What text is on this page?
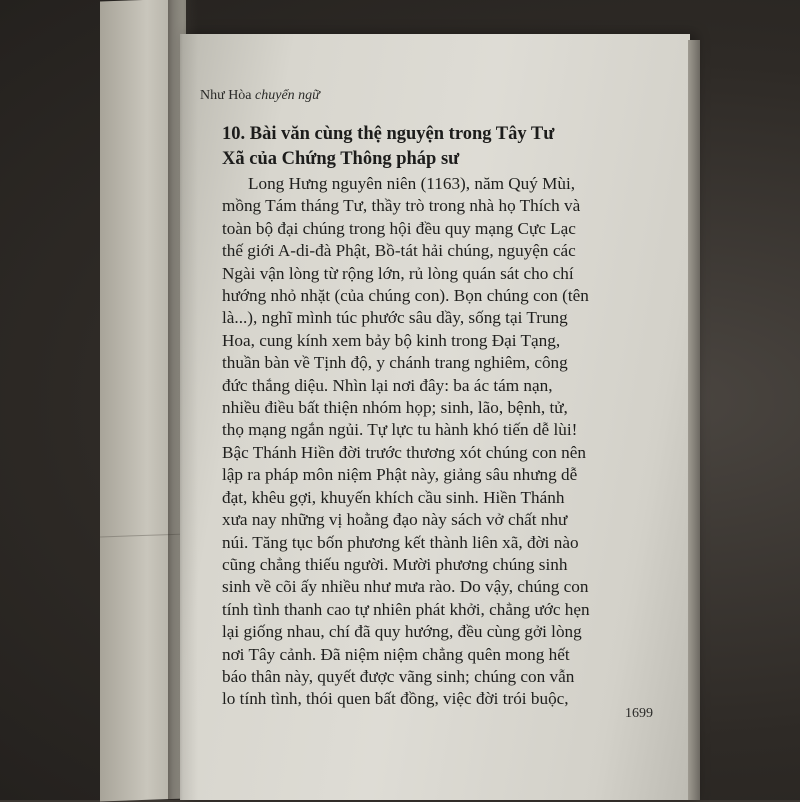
Như Hòa chuyển ngữ
10. Bài văn cùng thệ nguyện trong Tây Tư
Xã của Chứng Thông pháp sư
Long Hưng nguyên niên (1163), năm Quý Mùi,
mồng Tám tháng Tư, thầy trò trong nhà họ Thích và
toàn bộ đại chúng trong hội đều quy mạng Cực Lạc
thế giới A-di-đà Phật, Bồ-tát hải chúng, nguyện các
Ngài vận lòng từ rộng lớn, rủ lòng quán sát cho chí
hướng nhỏ nhặt (của chúng con). Bọn chúng con (tên
là...), nghĩ mình túc phước sâu dầy, sống tại Trung
Hoa, cung kính xem bảy bộ kinh trong Đại Tạng,
thuần bàn về Tịnh độ, y chánh trang nghiêm, công
đức thắng diệu. Nhìn lại nơi đây: ba ác tám nạn,
nhiều điều bất thiện nhóm họp; sinh, lão, bệnh, tử,
thọ mạng ngắn ngủi. Tự lực tu hành khó tiến dễ lùi!
Bậc Thánh Hiền đời trước thương xót chúng con nên
lập ra pháp môn niệm Phật này, giảng sâu nhưng dễ
đạt, khêu gợi, khuyến khích cầu sinh. Hiền Thánh
xưa nay những vị hoằng đạo này sách vở chất như
núi. Tăng tục bốn phương kết thành liên xã, đời nào
cũng chẳng thiếu người. Mười phương chúng sinh
sinh về cõi ấy nhiều như mưa rào. Do vậy, chúng con
tính tình thanh cao tự nhiên phát khởi, chẳng ước hẹn
lại giống nhau, chí đã quy hướng, đều cùng gởi lòng
nơi Tây cảnh. Đã niệm niệm chẳng quên mong hết
báo thân này, quyết được vãng sinh; chúng con vẫn
lo tính tình, thói quen bất đồng, việc đời trói buộc,
1699
